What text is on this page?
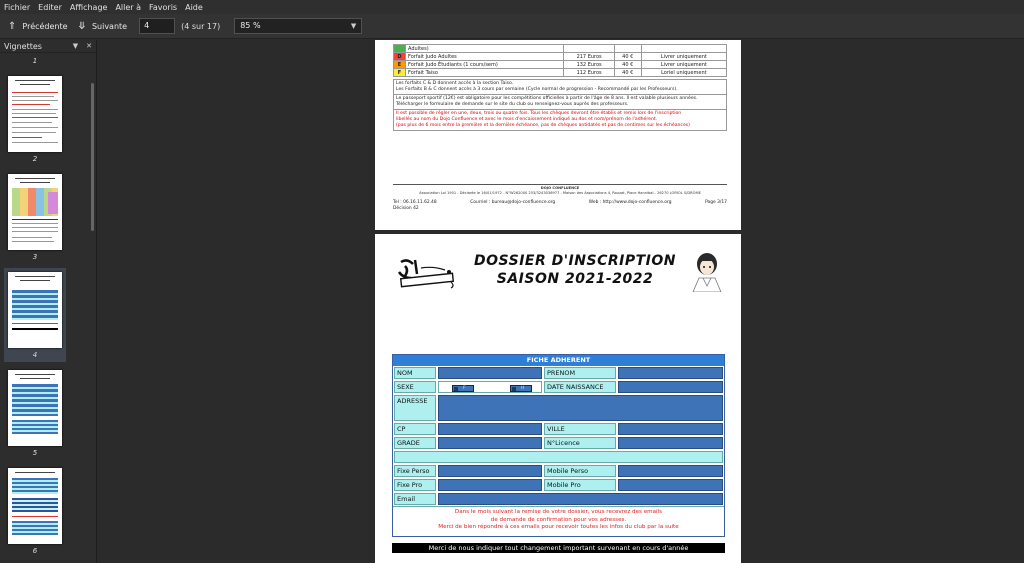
Fichier Editer Affichage Aller à Favoris Aide
⇑ Précédente ⤋ Suivante	4	(4 sur 17)	85 %	▼
Vignettes	▼ ✕
1
2
3
4
5
6
	Adultes)			
D	Forfait Judo Adultes	217 Euros	40 €	Livrer uniquement
E	Forfait Judo Étudiants (1 cours/sem)	132 Euros	40 €	Livrer uniquement
F	Forfait Taiso	112 Euros	40 €	Loriel uniquement
Les forfaits C & D donnent accès à la section Taiso.
Les Forfaits B & C donnent accès à 3 cours par semaine (Cycle normal de progression - Recommandé par les Professeurs).
Le passeport sportif (12€) est obligatoire pour les compétitions officielles à partir de l'âge de 8 ans. Il est valable plusieurs années.
Télécharger le formulaire de demande sur le site du club ou renseignez-vous auprès des professeurs.
Il est possible de régler en une, deux, trois ou quatre fois. Tous les chèques devront être établis et remis lors de l'inscription
libellés au nom du Dojo Confluence et avec le mois d'encaissement indiqué au dos et nom/prénom de l'adhérent.
(pas plus de 6 mois entre la première et la dernière échéance, pas de chèques antidatés et pas de centimes sur les échéances)
DOJO CONFLUENCE
Association Loi 1901 - Déclarée le 16/01/1972 - N°W262000 253/3243036977 - Maison des Associations 4, Rouzat, Place Hannibal - 26270 LORIOL S/DRÔME
Tel : 06.16.11.62.48	Courriel : bureau@dojo-confluence.org	Web : http://www.dojo-confluence.org	Page 3/17
Décision 42
DOSSIER D'INSCRIPTION
SAISON 2021-2022
FICHE ADHERENT
NOM	PRENOM
SEXE	F	H	DATE NAISSANCE
ADRESSE
CP	VILLE
GRADE	N°Licence
Fixe Perso	Mobile Perso
Fixe Pro	Mobile Pro
Email
Dans le mois suivant la remise de votre dossier, vous recevrez des emails
de demande de confirmation pour vos adresses.
Merci de bien répondre à ces emails pour recevoir toutes les infos du club par la suite
Merci de nous indiquer tout changement important survenant en cours d'année
